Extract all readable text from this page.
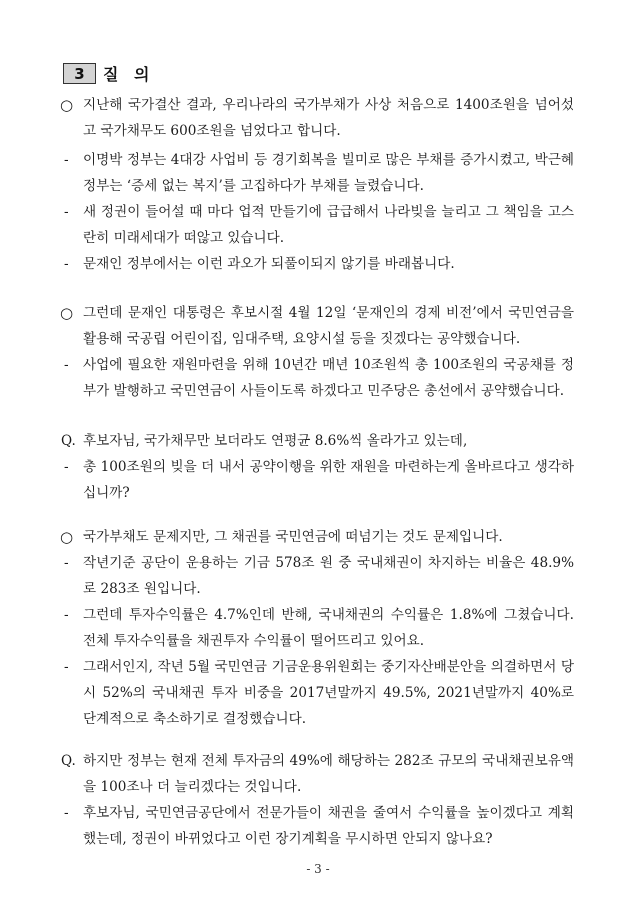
3	질 의
○ 지난해 국가결산 결과, 우리나라의 국가부채가 사상 처음으로 1400조원을 넘어섰고 국가채무도 600조원을 넘었다고 합니다.
- 이명박 정부는 4대강 사업비 등 경기회복을 빌미로 많은 부채를 증가시켰고, 박근혜 정부는 ‘증세 없는 복지’를 고집하다가 부채를 늘렸습니다.
- 새 정권이 들어설 때 마다 업적 만들기에 급급해서 나라빚을 늘리고 그 책임을 고스란히 미래세대가 떠않고 있습니다.
- 문재인 정부에서는 이런 과오가 되풀이되지 않기를 바래봅니다.
○ 그런데 문재인 대통령은 후보시절 4월 12일 ‘문재인의 경제 비전’에서 국민연금을 활용해 국공립 어린이집, 임대주택, 요양시설 등을 짓겠다는 공약했습니다.
- 사업에 필요한 재원마련을 위해 10년간 매년 10조원씩 총 100조원의 국공채를 정부가 발행하고 국민연금이 사들이도록 하겠다고 민주당은 총선에서 공약했습니다.
Q. 후보자님, 국가채무만 보더라도 연평균 8.6%씩 올라가고 있는데,
- 총 100조원의 빚을 더 내서 공약이행을 위한 재원을 마련하는게 올바르다고 생각하십니까?
○ 국가부채도 문제지만, 그 채권를 국민연금에 떠넘기는 것도 문제입니다.
- 작년기준 공단이 운용하는 기금 578조 원 중 국내채권이 차지하는 비율은 48.9%로 283조 원입니다.
- 그런데 투자수익률은 4.7%인데 반해, 국내채권의 수익률은 1.8%에 그쳤습니다. 전체 투자수익률을 채권투자 수익률이 떨어뜨리고 있어요.
- 그래서인지, 작년 5월 국민연금 기금운용위원회는 중기자산배분안을 의결하면서 당시 52%의 국내채권 투자 비중을 2017년말까지 49.5%, 2021년말까지 40%로 단계적으로 축소하기로 결정했습니다.
Q. 하지만 정부는 현재 전체 투자금의 49%에 해당하는 282조 규모의 국내채권보유액을 100조나 더 늘리겠다는 것입니다.
- 후보자님, 국민연금공단에서 전문가들이 채권을 줄여서 수익률을 높이겠다고 계획했는데, 정권이 바뀌었다고 이런 장기계획을 무시하면 안되지 않나요?
- 3 -
